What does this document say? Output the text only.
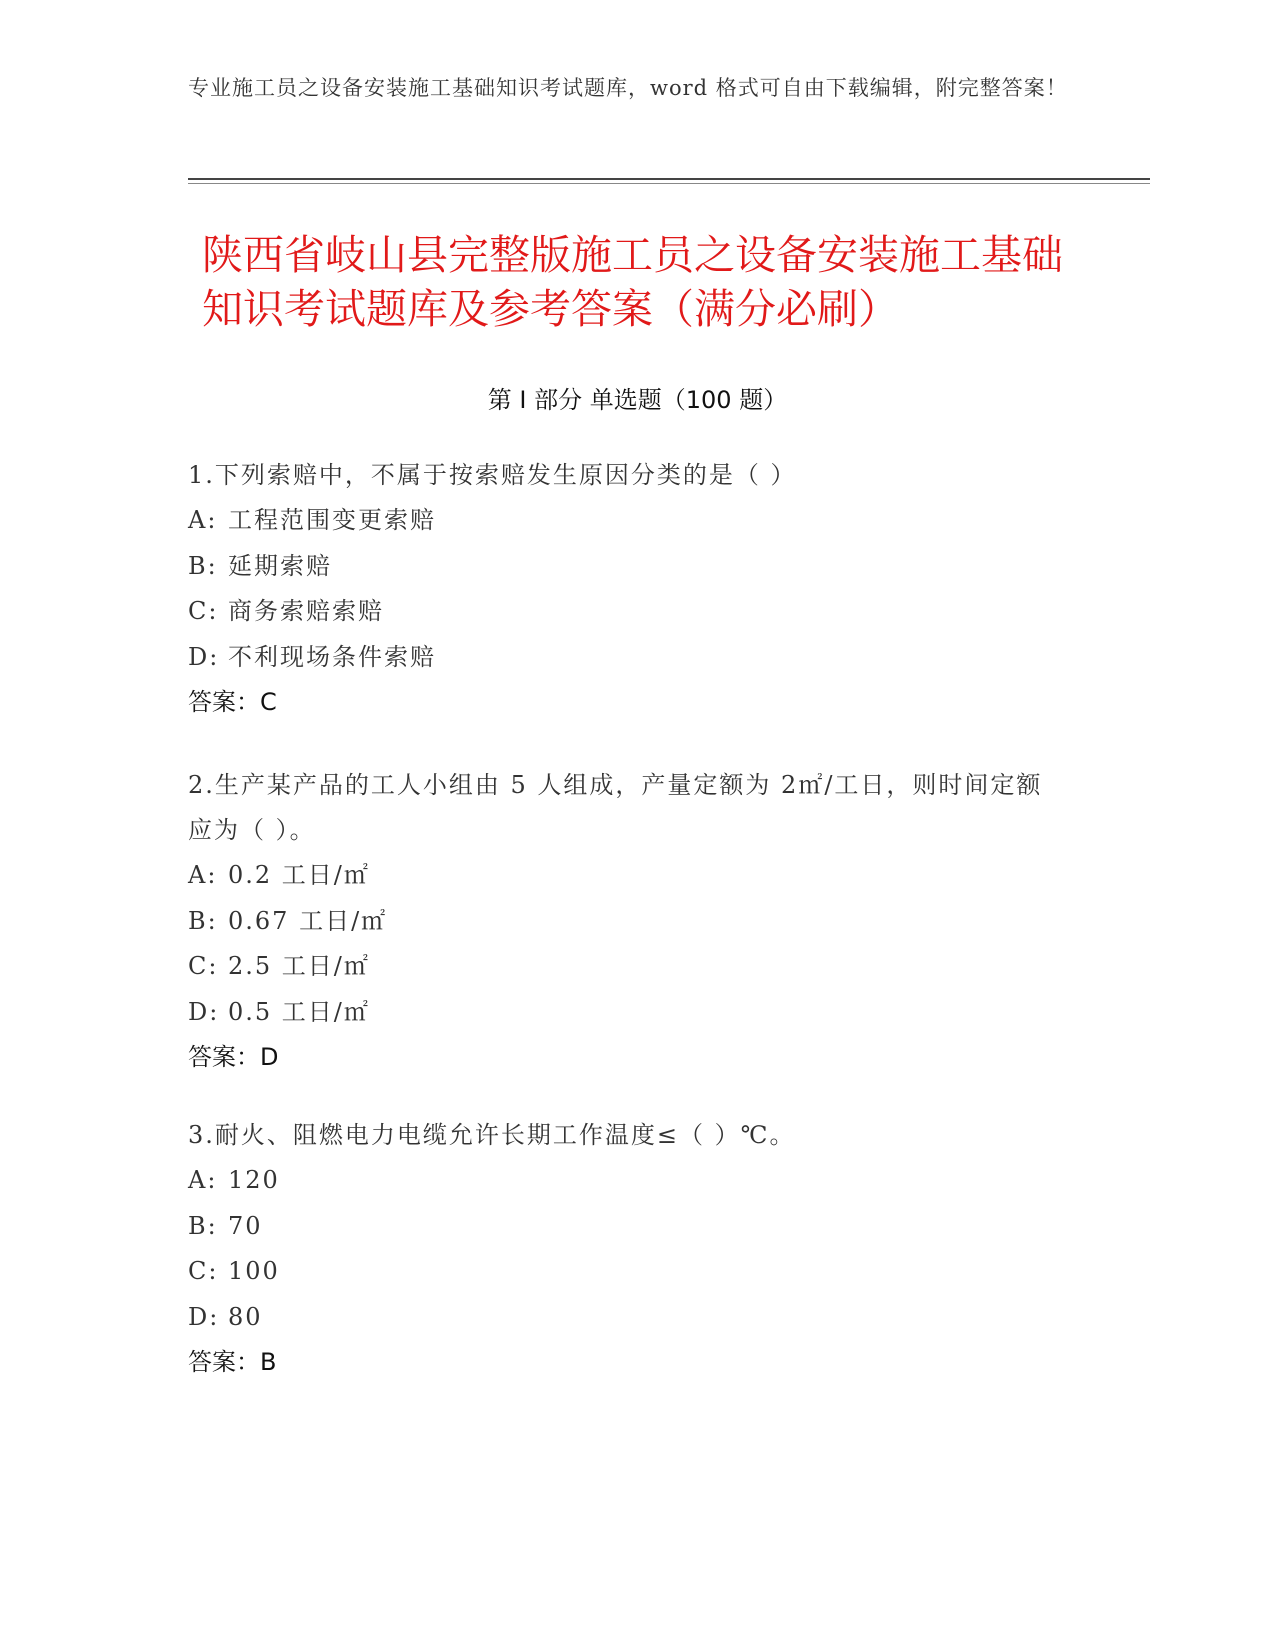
专业施工员之设备安装施工基础知识考试题库，word 格式可自由下载编辑，附完整答案！
陕西省岐山县完整版施工员之设备安装施工基础知识考试题库及参考答案（满分必刷）
第 I 部分 单选题（100 题）
1.下列索赔中，不属于按索赔发生原因分类的是（ ）
A: 工程范围变更索赔
B: 延期索赔
C: 商务索赔索赔
D: 不利现场条件索赔
答案：C
2.生产某产品的工人小组由 5 人组成，产量定额为 2㎡/工日，则时间定额应为（ ）。
A: 0.2 工日/㎡
B: 0.67 工日/㎡
C: 2.5 工日/㎡
D: 0.5 工日/㎡
答案：D
3.耐火、阻燃电力电缆允许长期工作温度≤（ ）℃。
A: 120
B: 70
C: 100
D: 80
答案：B
